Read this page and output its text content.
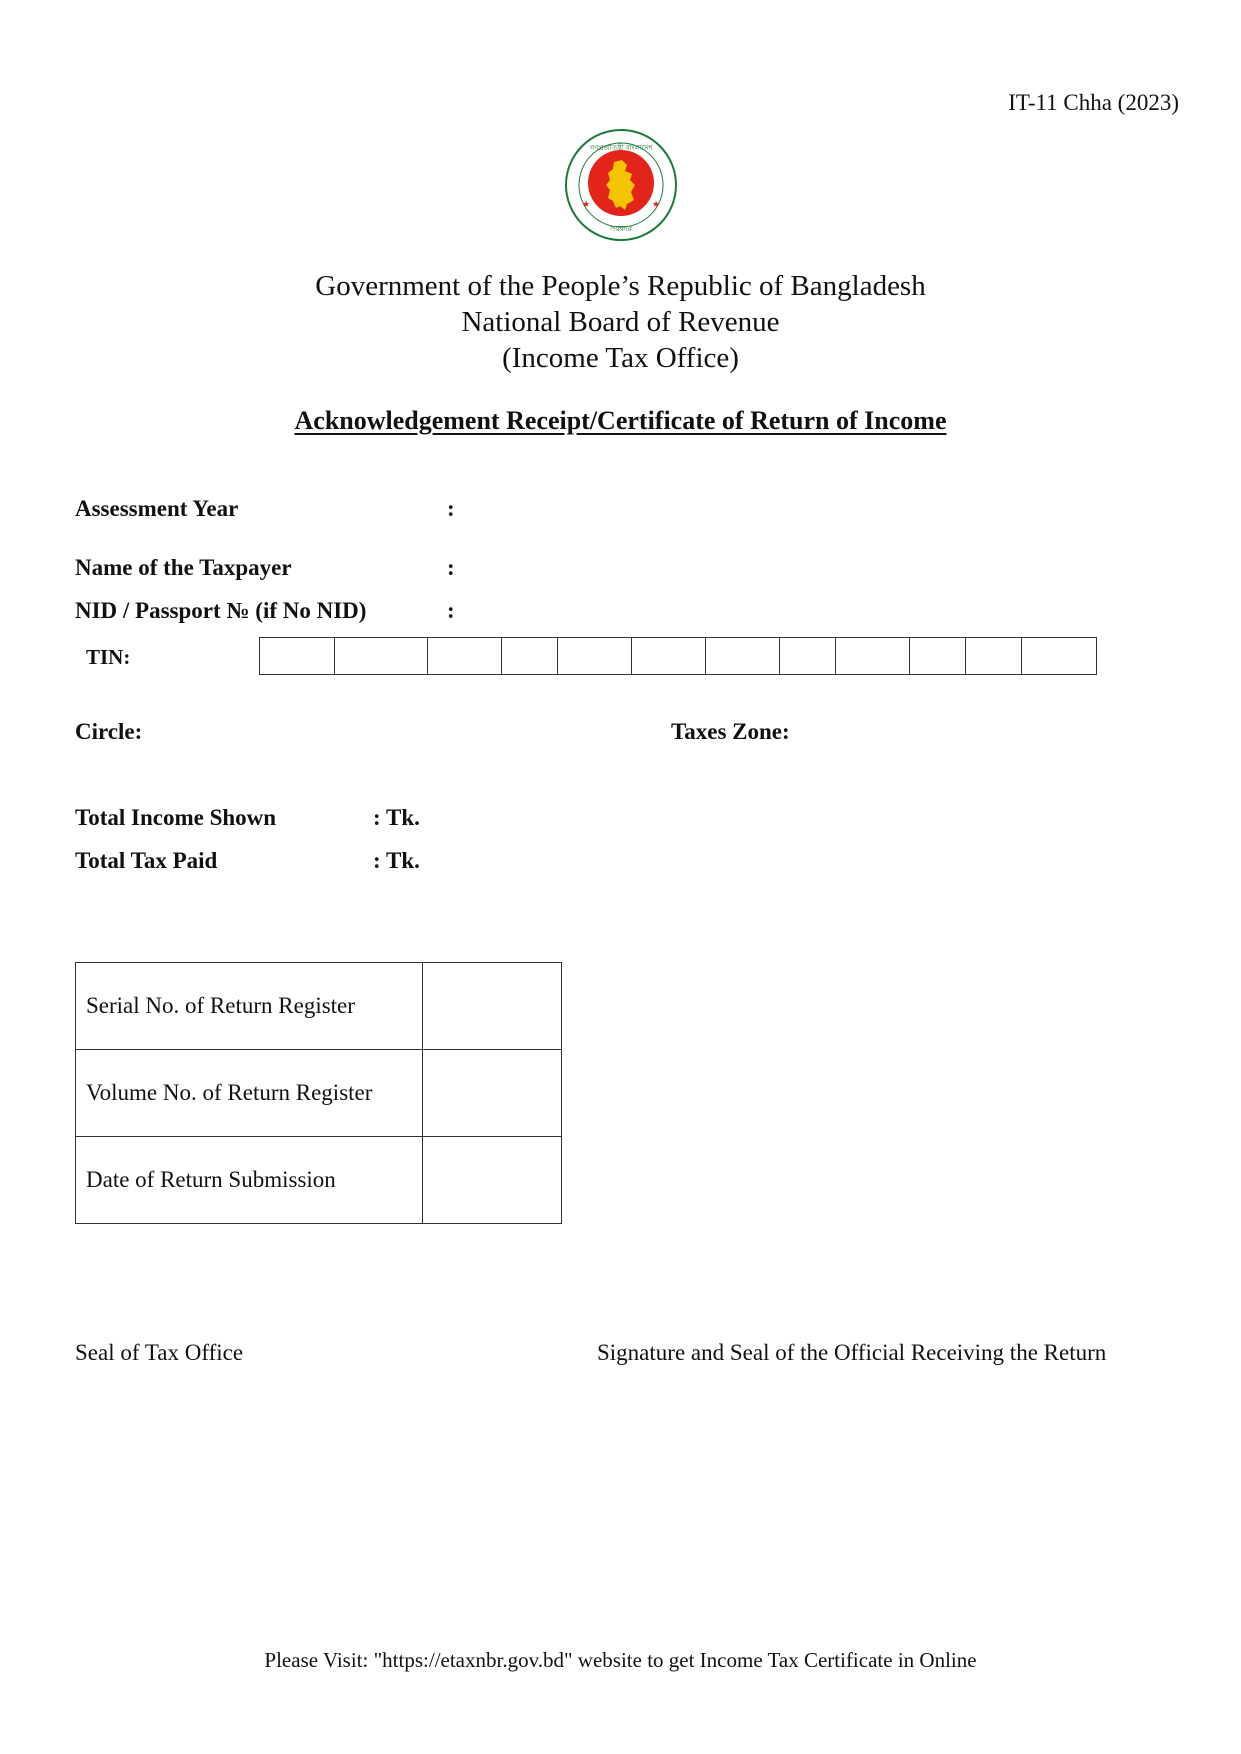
IT-11 Chha (2023)
★	★
গণপ্রজাতন্ত্রী বাংলাদেশ
সরকার
Government of the People’s Republic of Bangladesh
National Board of Revenue
(Income Tax Office)
Acknowledgement Receipt/Certificate of Return of Income
Assessment Year	:
Name of the Taxpayer	:
NID / Passport № (if No NID)	:
TIN:
Circle:	Taxes Zone:
Total Income Shown	: Tk.
Total Tax Paid	: Tk.
Serial No. of Return Register	
Volume No. of Return Register	
Date of Return Submission	
Seal of Tax Office	Signature and Seal of the Official Receiving the Return
Please Visit: "https://etaxnbr.gov.bd" website to get Income Tax Certificate in Online
